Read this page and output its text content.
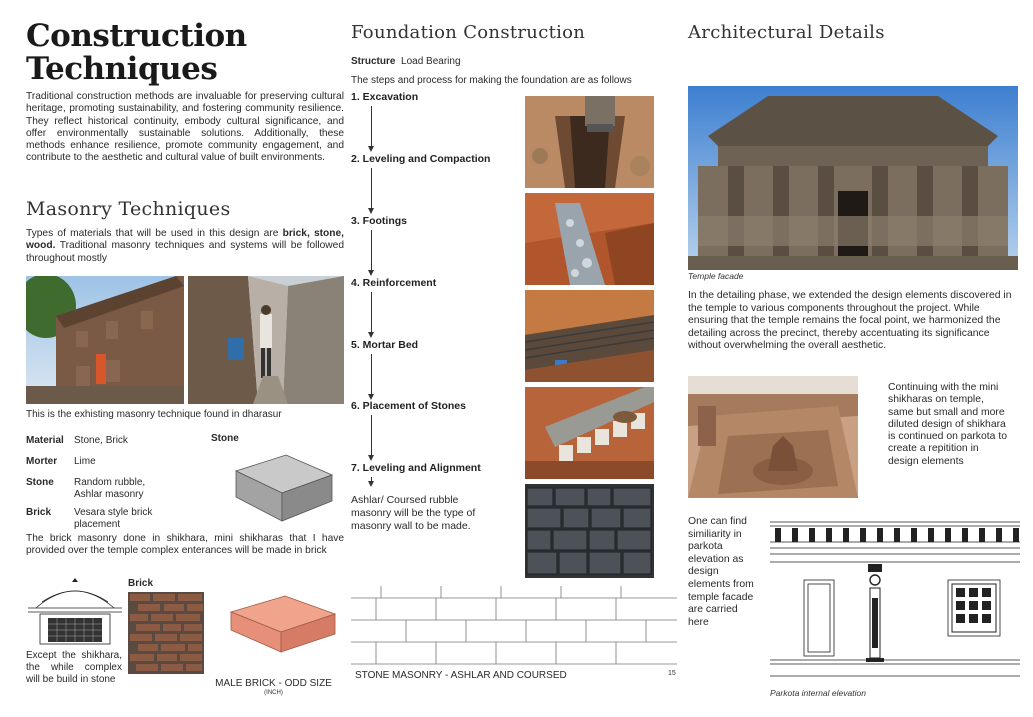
Construction
Techniques
Traditional construction methods are invaluable for preserving cultural heritage, promoting sustainability, and fostering community resilience. They reflect historical continuity, embody cultural significance, and offer environmentally sustainable solutions. Additionally, these methods enhance resilience, promote community engagement, and contribute to the aesthetic and cultural value of built environments.
Masonry Techniques
Types of materials that will be used in this design are brick, stone, wood. Traditional masonry techniques and systems will be followed throughout mostly
This is the exhisting masonry technique found in dharasur
Material	Stone, Brick
Morter	Lime
Stone	Random rubble, Ashlar masonry
Brick	Vesara style brick placement
Stone
The brick masonry done in shikhara, mini shikharas that I have provided over the temple complex enterances will be made in brick
Except the shikhara, the while complex will be build in stone
Brick
MALE BRICK - ODD SIZE
(INCH)
Foundation Construction
Structure Load Bearing
The steps and process for making the foundation are as follows
1. Excavation
2. Leveling and Compaction
3. Footings
4. Reinforcement
5. Mortar Bed
6. Placement of Stones
7. Leveling and Alignment
Ashlar/ Coursed rubble masonry will be the type of masonry wall to be made.
STONE MASONRY - ASHLAR AND COURSED	15
Architectural Details
Temple facade
In the detailing phase, we extended the design elements discovered in the temple to various components throughout the project. While ensuring that the temple remains the focal point, we harmonized the detailing across the precinct, thereby accentuating its significance without overwhelming the overall aesthetic.
Continuing with the mini shikharas on temple, same but small and more diluted design of shikhara is continued on parkota to create a repitition in design elements
One can find similiarity in parkota elevation as design elements from temple facade are carried here
Parkota internal elevation
